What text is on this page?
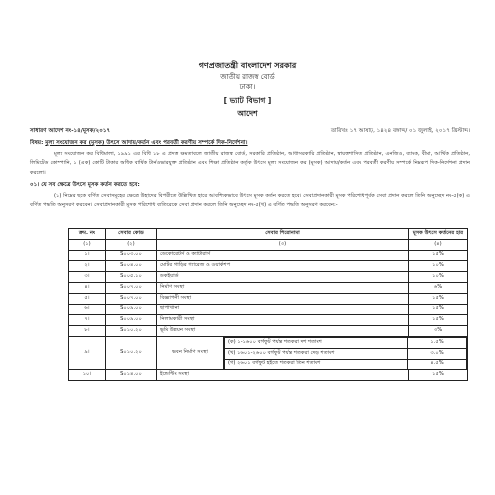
গণপ্রজাতন্ত্রী বাংলাদেশ সরকার
জাতীয় রাজস্ব বোর্ড
ঢাকা।
[ ভ্যাট বিভাগ ]
আদেশ
সাধারণ আদেশ নং-১৪/মূসক/২০১৭	তারিখঃ ১৭ আষাঢ়, ১৪২৪ বঙ্গাব্দ/ ০১ জুলাই, ২০১৭ খ্রিস্টাব্দ।
বিষয়: মূল্য সংযোজন কর (মূসক) উৎসে আদায়/কর্তন এবং পরবর্তী করণীয় সম্পর্কে দিক-নির্দেশনা।
মূল্য সংযোজন কর বিধিমালা, ১৯৯১ এর বিধি ১৮ এ প্রদত্ত ক্ষমতাবলে জাতীয় রাজস্ব বোর্ড, সরকারি প্রতিষ্ঠান, আধাসরকারি প্রতিষ্ঠান, স্বায়ত্তশাসিত প্রতিষ্ঠান, এনজিও, ব্যাংক, বীমা, আর্থিক প্রতিষ্ঠান, লিমিটেড কোম্পানি, ১ (এক) কোটি টাকার অধিক বার্ষিক টার্নওভারযুক্ত প্রতিষ্ঠান এবং শিক্ষা প্রতিষ্ঠান কর্তৃক উৎসে মূল্য সংযোজন কর (মূসক) আদায়/কর্তন এবং পরবর্তী করণীয় সম্পর্কে নিম্নরূপ দিক-নির্দেশনা প্রদান করলো।
০১। যে সব ক্ষেত্রে উৎসে মূসক কর্তন করতে হবে:
(১) নিম্নের ছকে বর্ণিত সেবাসমূহের ক্ষেত্রে উহাদের বিপরীতে উল্লিখিত হারে আবশ্যিকভাবে উৎসে মূসক কর্তন করতে হবে। সেবাপ্রদানকারী মূসক পরিশোধপূর্বক সেবা প্রদান করলে তিনি অনুচ্ছেদ নং-৫(ক) এ বর্ণিত পদ্ধতি অনুসরণ করবেন। সেবাপ্রদানকারী মূসক পরিশোধ ব্যতিরেকে সেবা প্রদান করলে তিনি অনুচ্ছেদ নং-৫(খ) এ বর্ণিত পদ্ধতি অনুসরণ করবেন:-
ক্রম. নং	সেবার কোড	সেবার শিরোনামা	মূসক উৎসে কর্তনের হার
(১)	(২)	(৩)	(৪)
১।	S০০৩.০০	ডেকোরেটর্স ও ক্যাটারার্স	১৫%
২।	S০০৪.০০	মোটর গাড়ির গ্যারেজ ও ওয়ার্কশপ	১০%
৩।	S০০৫.১০	ডকইয়ার্ড	১০%
৪।	S০০৭.০০	নির্মাণ সংস্থা	৬%
৫।	S০০৭.০০	বিজ্ঞাপনী সংস্থা	১৫%
৬।	S০০৯.০০	ছাপাখানা	১৫%
৭।	S০০৯.০০	নিলামকারী সংস্থা	১৫%
৮।	S০১০.২০	ভূমি উন্নয়ন সংস্থা	৩%
৯।	S০১০.২০	ভবন নির্মাণ সংস্থা	
(ক) ১-১৬০০ বর্গফুট পর্যন্ত শতকরা দশ শতাংশ	১.৫%
(খ) ১৬০১-২৬০০ বর্গফুট পর্যন্ত শতকরা দেড় শতাংশ	৩.০%
(গ) ২৬০১ বর্গফুট হইতে শতকরা তিন শতাংশ	৪.৫%

১০।	S০১৪.০০	ইন্ডেন্টিং সংস্থা	১৫%
